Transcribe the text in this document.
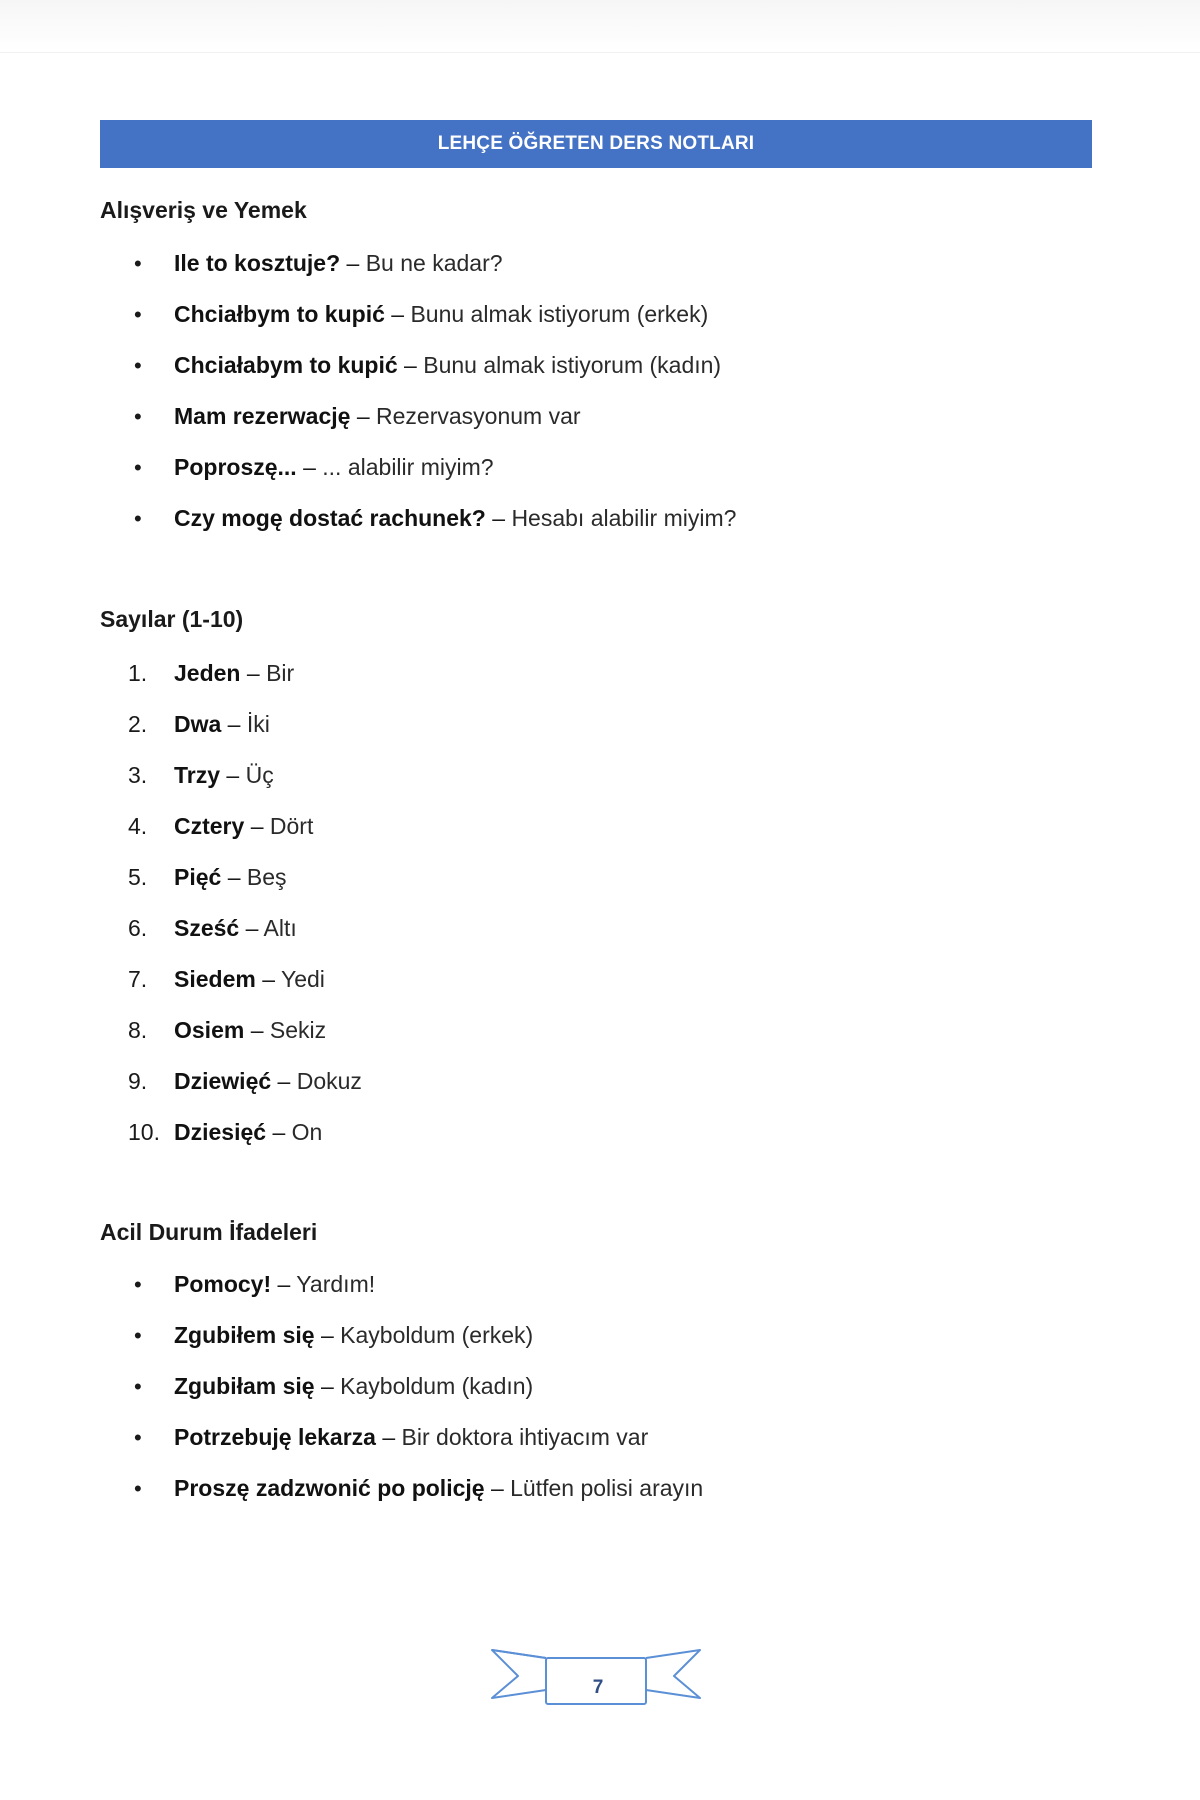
LEHÇE ÖĞRETEN DERS NOTLARI
Alışveriş ve Yemek
•	Ile to kosztuje? – Bu ne kadar?
•	Chciałbym to kupić – Bunu almak istiyorum (erkek)
•	Chciałabym to kupić – Bunu almak istiyorum (kadın)
•	Mam rezerwację – Rezervasyonum var
•	Poproszę... – ... alabilir miyim?
•	Czy mogę dostać rachunek? – Hesabı alabilir miyim?
Sayılar (1-10)
1.	Jeden – Bir
2.	Dwa – İki
3.	Trzy – Üç
4.	Cztery – Dört
5.	Pięć – Beş
6.	Sześć – Altı
7.	Siedem – Yedi
8.	Osiem – Sekiz
9.	Dziewięć – Dokuz
10. Dziesięć – On
Acil Durum İfadeleri
•	Pomocy! – Yardım!
•	Zgubiłem się – Kayboldum (erkek)
•	Zgubiłam się – Kayboldum (kadın)
•	Potrzebuję lekarza – Bir doktora ihtiyacım var
•	Proszę zadzwonić po policję – Lütfen polisi arayın
7
